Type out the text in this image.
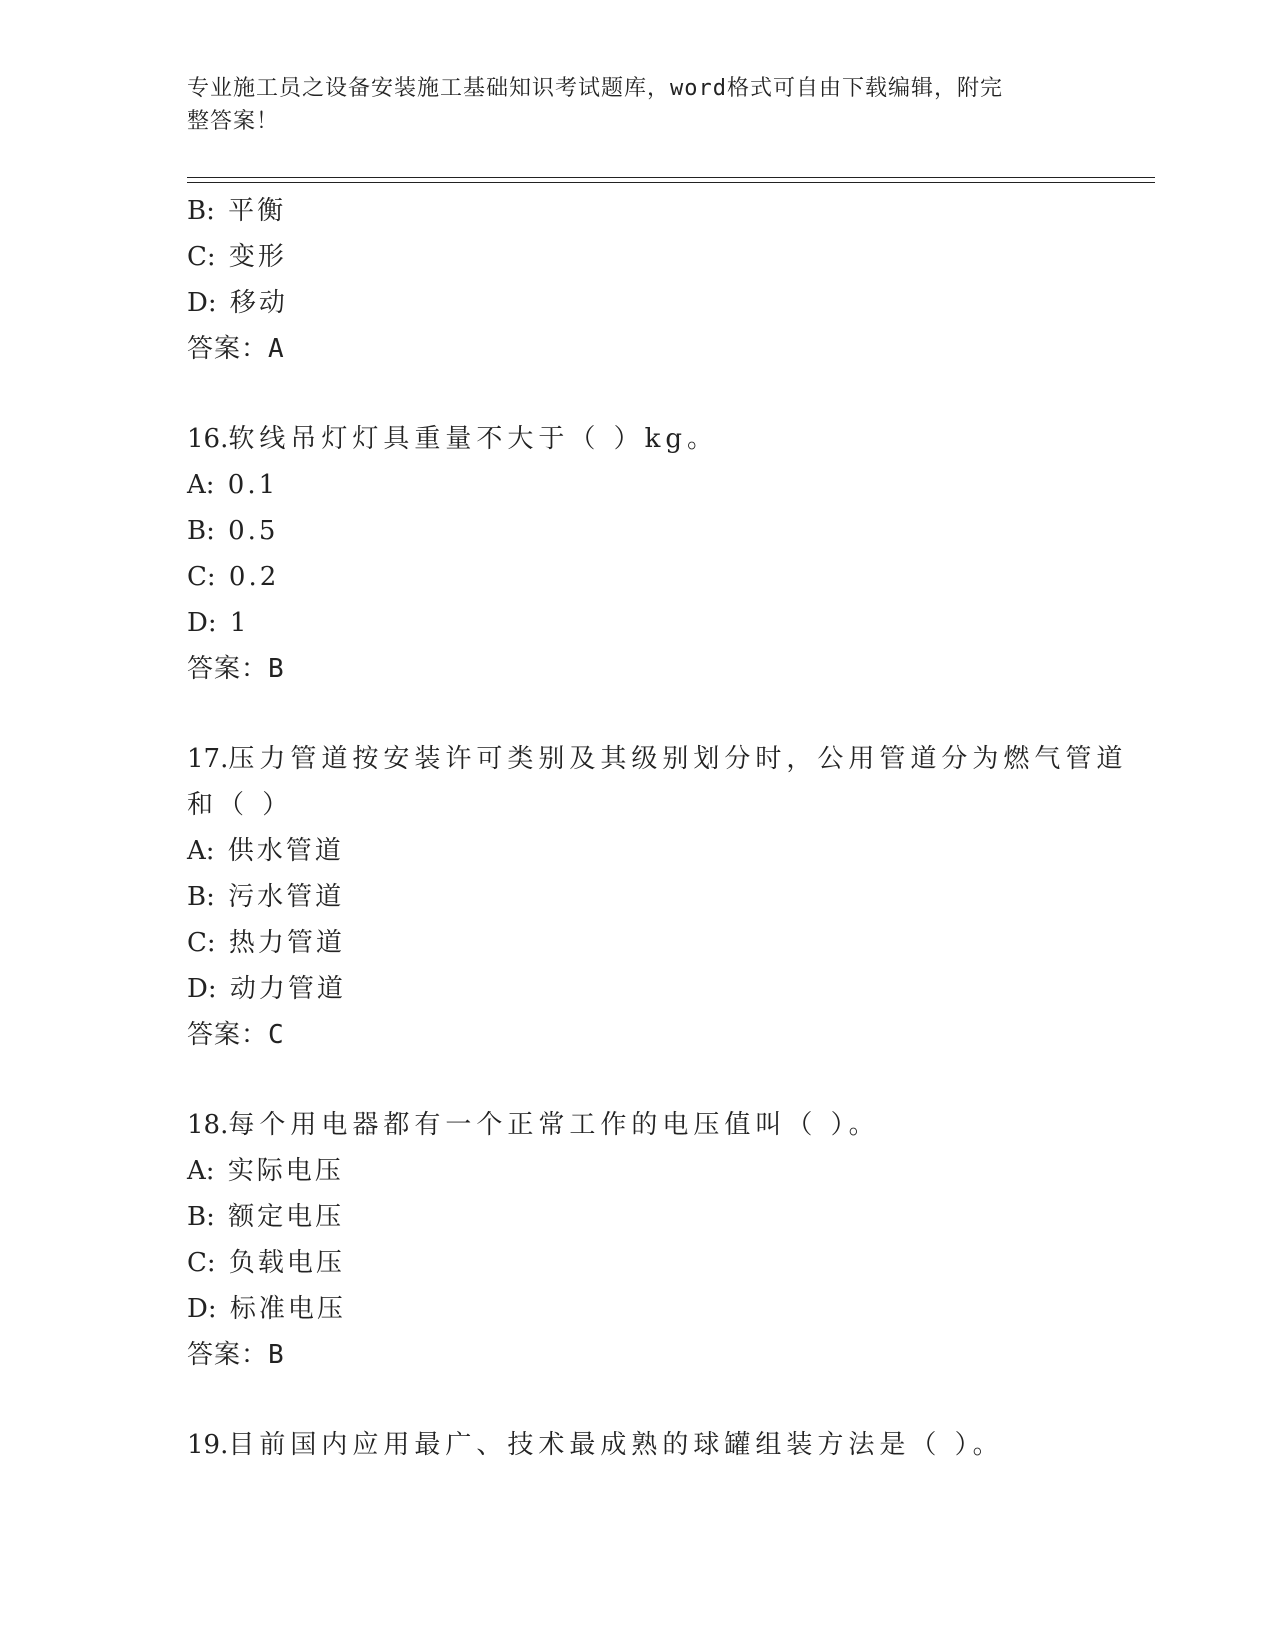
专业施工员之设备安装施工基础知识考试题库，word格式可自由下载编辑，附完
整答案！
B: 平衡
C: 变形
D: 移动
答案：A
16.软线吊灯灯具重量不大于（ ）kg。
A: 0.1
B: 0.5
C: 0.2
D: 1
答案：B
17.压力管道按安装许可类别及其级别划分时，公用管道分为燃气管道
和（ ）
A: 供水管道
B: 污水管道
C: 热力管道
D: 动力管道
答案：C
18.每个用电器都有一个正常工作的电压值叫（ ）。
A: 实际电压
B: 额定电压
C: 负载电压
D: 标准电压
答案：B
19.目前国内应用最广、技术最成熟的球罐组装方法是（ ）。
